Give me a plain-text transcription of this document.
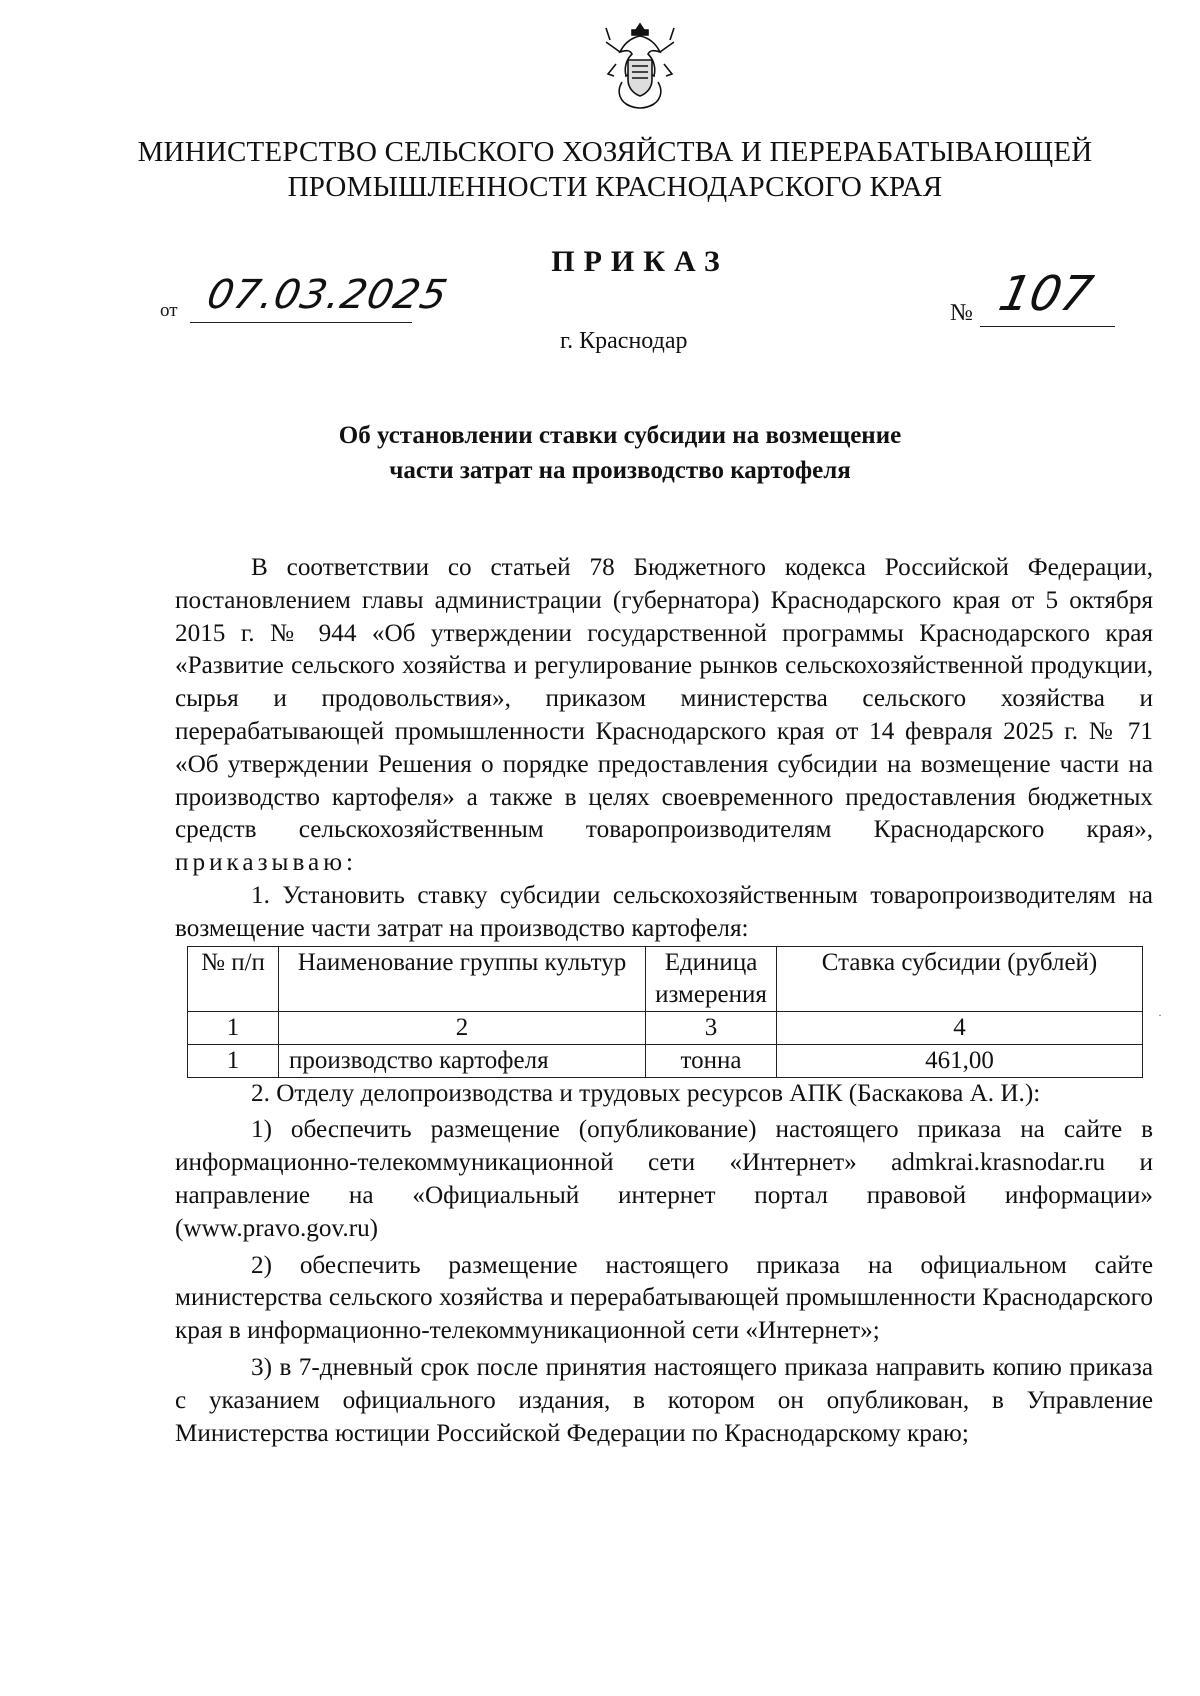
МИНИСТЕРСТВО СЕЛЬСКОГО ХОЗЯЙСТВА И ПЕРЕРАБАТЫВАЮЩЕЙ
ПРОМЫШЛЕННОСТИ КРАСНОДАРСКОГО КРАЯ
ПРИКАЗ
от 07.03.2025	№ 107
г. Краснодар
Об установлении ставки субсидии на возмещение
части затрат на производство картофеля

В соответствии со статьей 78 Бюджетного кодекса Российской Федерации, постановлением главы администрации (губернатора) Краснодарского края от 5 октября 2015 г. № 944 «Об утверждении государственной программы Краснодарского края «Развитие сельского хозяйства и регулирование рынков сельскохозяйственной продукции, сырья и продовольствия», приказом министерства сельского хозяйства и перерабатывающей промышленности Краснодарского края от 14 февраля 2025 г. № 71 «Об утверждении Решения о порядке предоставления субсидии на возмещение части на производство картофеля» а также в целях своевременного предоставления бюджетных средств сельскохозяйственным товаропроизводителям Краснодарского края», приказываю:

1. Установить ставку субсидии сельскохозяйственным товаропроизводителям на возмещение части затрат на производство картофеля:

№ п/п	Наименование группы культур	Единица измерения	Ставка субсидии (рублей)
1	2	3	4
1	производство картофеля	тонна	461,00

2. Отделу делопроизводства и трудовых ресурсов АПК (Баскакова А. И.):

1) обеспечить размещение (опубликование) настоящего приказа на сайте в информационно-телекоммуникационной сети «Интернет» admkrai.krasnodar.ru и направление на «Официальный интернет портал правовой информации» (www.pravo.gov.ru)

2) обеспечить размещение настоящего приказа на официальном сайте министерства сельского хозяйства и перерабатывающей промышленности Краснодарского края в информационно-телекоммуникационной сети «Интернет»;

3) в 7-дневный срок после принятия настоящего приказа направить копию приказа с указанием официального издания, в котором он опубликован, в Управление Министерства юстиции Российской Федерации по Краснодарскому краю;

·
